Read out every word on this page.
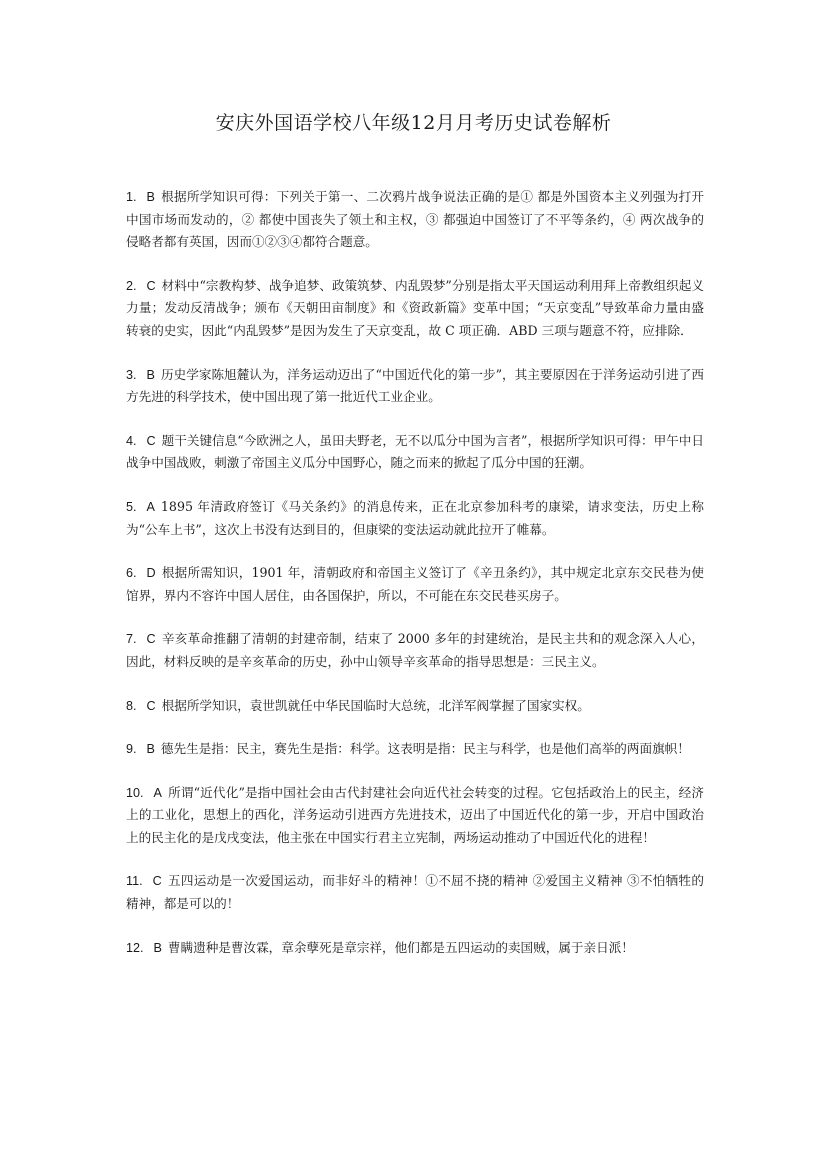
安庆外国语学校八年级12月月考历史试卷解析

1. B 根据所学知识可得：下列关于第一、二次鸦片战争说法正确的是① 都是外国资本主义列强为打开中国市场而发动的，② 都使中国丧失了领土和主权，③ 都强迫中国签订了不平等条约，④ 两次战争的侵略者都有英国，因而①②③④都符合题意。

2. C 材料中“宗教构梦、战争追梦、政策筑梦、内乱毁梦”分别是指太平天国运动利用拜上帝教组织起义力量；发动反清战争；颁布《天朝田亩制度》和《资政新篇》变革中国；“天京变乱”导致革命力量由盛转衰的史实，因此“内乱毁梦”是因为发生了天京变乱，故 C 项正确．ABD 三项与题意不符，应排除．

3. B 历史学家陈旭麓认为，洋务运动迈出了“中国近代化的第一步”，其主要原因在于洋务运动引进了西方先进的科学技术，使中国出现了第一批近代工业企业。

4. C 题干关键信息“今欧洲之人，虽田夫野老，无不以瓜分中国为言者”，根据所学知识可得：甲午中日战争中国战败，刺激了帝国主义瓜分中国野心，随之而来的掀起了瓜分中国的狂潮。

5. A 1895 年清政府签订《马关条约》的消息传来，正在北京参加科考的康梁，请求变法，历史上称为“公车上书”，这次上书没有达到目的，但康梁的变法运动就此拉开了帷幕。

6. D 根据所需知识，1901 年，清朝政府和帝国主义签订了《辛丑条约》，其中规定北京东交民巷为使馆界，界内不容许中国人居住，由各国保护，所以，不可能在东交民巷买房子。

7. C 辛亥革命推翻了清朝的封建帝制，结束了 2000 多年的封建统治，是民主共和的观念深入人心，因此，材料反映的是辛亥革命的历史，孙中山领导辛亥革命的指导思想是：三民主义。

8. C 根据所学知识，袁世凯就任中华民国临时大总统，北洋军阀掌握了国家实权。

9. B 德先生是指：民主，赛先生是指：科学。这表明是指：民主与科学，也是他们高举的两面旗帜！

10. A 所谓“近代化”是指中国社会由古代封建社会向近代社会转变的过程。它包括政治上的民主，经济上的工业化，思想上的西化，洋务运动引进西方先进技术，迈出了中国近代化的第一步，开启中国政治上的民主化的是戊戌变法，他主张在中国实行君主立宪制，两场运动推动了中国近代化的进程！

11. C 五四运动是一次爱国运动，而非好斗的精神！①不屈不挠的精神 ②爱国主义精神 ③不怕牺牲的精神，都是可以的！

12. B 曹瞒遗种是曹汝霖，章余孽死是章宗祥，他们都是五四运动的卖国贼，属于亲日派！
